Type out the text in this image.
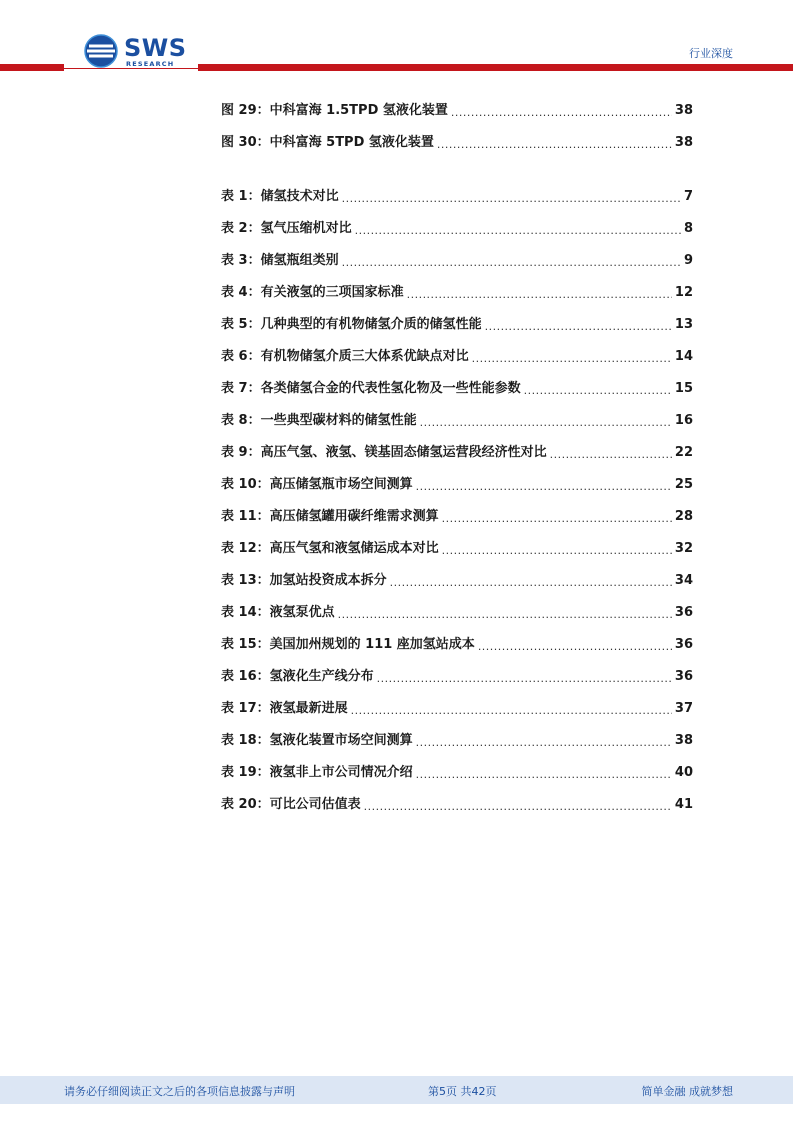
SWS
RESEARCH
行业深度
图 29：中科富海 1.5TPD 氢液化装置 .....	38
图 30：中科富海 5TPD 氢液化装置 .....	38
表 1：储氢技术对比 .....	7
表 2：氢气压缩机对比 .....	8
表 3：储氢瓶组类别 .....	9
表 4：有关液氢的三项国家标准 .....	12
表 5：几种典型的有机物储氢介质的储氢性能 .....	13
表 6：有机物储氢介质三大体系优缺点对比 .....	14
表 7：各类储氢合金的代表性氢化物及一些性能参数 .....	15
表 8：一些典型碳材料的储氢性能 .....	16
表 9：高压气氢、液氢、镁基固态储氢运营段经济性对比 .....	22
表 10：高压储氢瓶市场空间测算 .....	25
表 11：高压储氢罐用碳纤维需求测算 .....	28
表 12：高压气氢和液氢储运成本对比 .....	32
表 13：加氢站投资成本拆分 .....	34
表 14：液氢泵优点 .....	36
表 15：美国加州规划的 111 座加氢站成本 .....	36
表 16：氢液化生产线分布 .....	36
表 17：液氢最新进展 .....	37
表 18：氢液化装置市场空间测算 .....	38
表 19：液氢非上市公司情况介绍 .....	40
表 20：可比公司估值表 .....	41
请务必仔细阅读正文之后的各项信息披露与声明	第5页 共42页	简单金融 成就梦想
